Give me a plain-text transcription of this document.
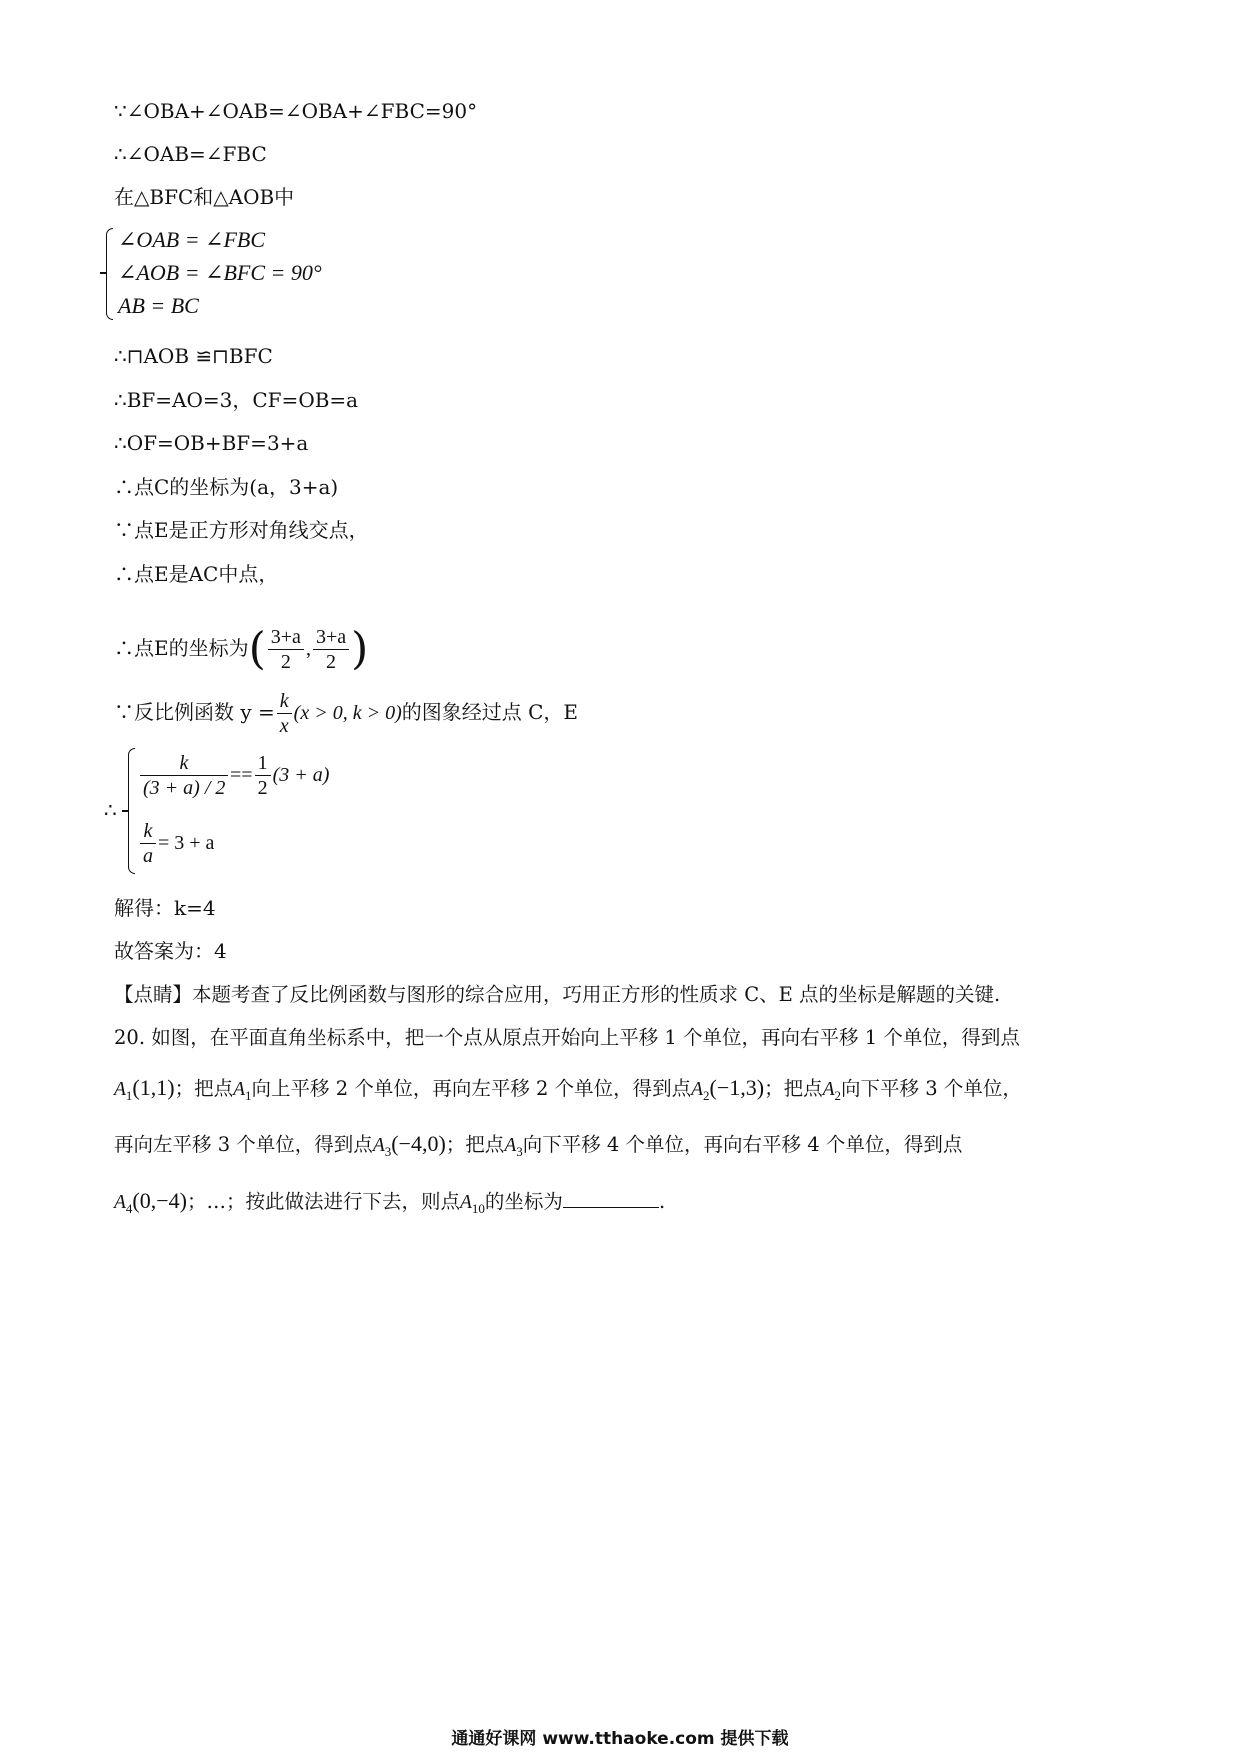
∵∠OBA+∠OAB=∠OBA+∠FBC=90°
∴∠OAB=∠FBC
在△BFC和△AOB中
∠OAB = ∠FBC
∠AOB = ∠BFC = 90°
AB = BC
∴⊓AOB ≌⊓BFC
∴BF=AO=3，CF=OB=a
∴OF=OB+BF=3+a
∴点C的坐标为(a，3+a)
∵点E是正方形对角线交点，
∴点E是AC中点，
∴点E的坐标为( $\frac{3+a}{2}$ , $\frac{3+a}{2}$ )
∵反比例函数 $y = \frac{k}{x} (x > 0$, k > 0)的图象经过点 C，E
∴
$\frac{k}{(3 + a) / 2} == \frac{1}{2} (3 + a)$
$\frac{k}{a} = 3 + a$
解得：k=4
故答案为：4
【点睛】本题考查了反比例函数与图形的综合应用，巧用正方形的性质求 C、E 点的坐标是解题的关键.
20. 如图，在平面直角坐标系中，把一个点从原点开始向上平移 1 个单位，再向右平移 1 个单位，得到点
$A_1(1,1)$；把点$A_1$向上平移 2 个单位，再向左平移 2 个单位，得到点$A_2(-1,3)$；把点$A_2$向下平移 3 个单位，
再向左平移 3 个单位，得到点$A_3(-4,0)$；把点$A_3$向下平移 4 个单位，再向右平移 4 个单位，得到点
$A_4(0,-4)$；…；按此做法进行下去，则点$A_{10}$的坐标为	.
通通好课网 www.tthaoke.com 提供下载
